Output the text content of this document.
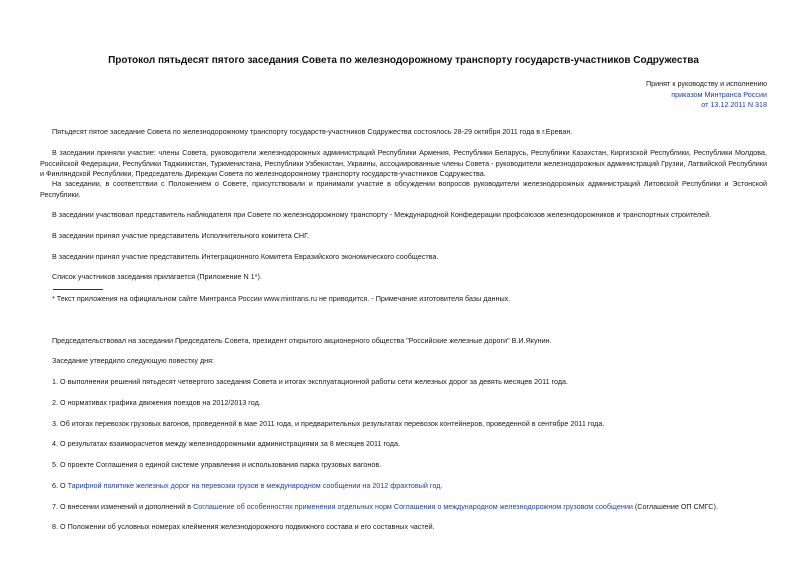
Протокол пятьдесят пятого заседания Совета по железнодорожному транспорту государств-участников Содружества
Принят к руководству и исполнению
приказом Минтранса России
от 13.12.2011 N 318
Пятьдесят пятое заседание Совета по железнодорожному транспорту государств-участников Содружества состоялось 28-29 октября 2011 года в г.Ереван.
В заседании приняли участие: члены Совета, руководители железнодорожных администраций Республики Армения, Республики Беларусь, Республики Казахстан, Киргизской Республики, Республики Молдова, Российской Федерации, Республики Таджикистан, Туркменистана, Республики Узбекистан, Украины, ассоциированные члены Совета - руководители железнодорожных администраций Грузии, Латвийской Республики и Финляндской Республики, Председатель Дирекции Совета по железнодорожному транспорту государств-участников Содружества.
На заседании, в соответствии с Положением о Совете, присутствовали и принимали участие в обсуждении вопросов руководители железнодорожных администраций Литовской Республики и Эстонской Республики.
В заседании участвовал представитель наблюдателя при Совете по железнодорожному транспорту - Международной Конфедерации профсоюзов железнодорожников и транспортных строителей.
В заседании принял участие представитель Исполнительного комитета СНГ.
В заседании принял участие представитель Интеграционного Комитета Евразийского экономического сообщества.
Список участников заседания прилагается (Приложение N 1*).
* Текст приложения на официальном сайте Минтранса России www.mintrans.ru не приводится. - Примечание изготовителя базы данных.
Председательствовал на заседании Председатель Совета, президент открытого акционерного общества "Российские железные дороги" В.И.Якунин.
Заседание утвердило следующую повестку дня:
1. О выполнении решений пятьдесят четвертого заседания Совета и итогах эксплуатационной работы сети железных дорог за девять месяцев 2011 года.
2. О нормативах графика движения поездов на 2012/2013 год.
3. Об итогах перевозок грузовых вагонов, проведенной в мае 2011 года, и предварительных результатах перевозок контейнеров, проведенной в сентябре 2011 года.
4. О результатах взаиморасчетов между железнодорожными администрациями за 8 месяцев 2011 года.
5. О проекте Соглашения о единой системе управления и использования парка грузовых вагонов.
6. О Тарифной политике железных дорог на перевозки грузов в международном сообщении на 2012 фрахтовый год.
7. О внесении изменений и дополнений в Соглашение об особенностях применения отдельных норм Соглашения о международном железнодорожном грузовом сообщении (Соглашение ОП СМГС).
8. О Положении об условных номерах клеймения железнодорожного подвижного состава и его составных частей.
